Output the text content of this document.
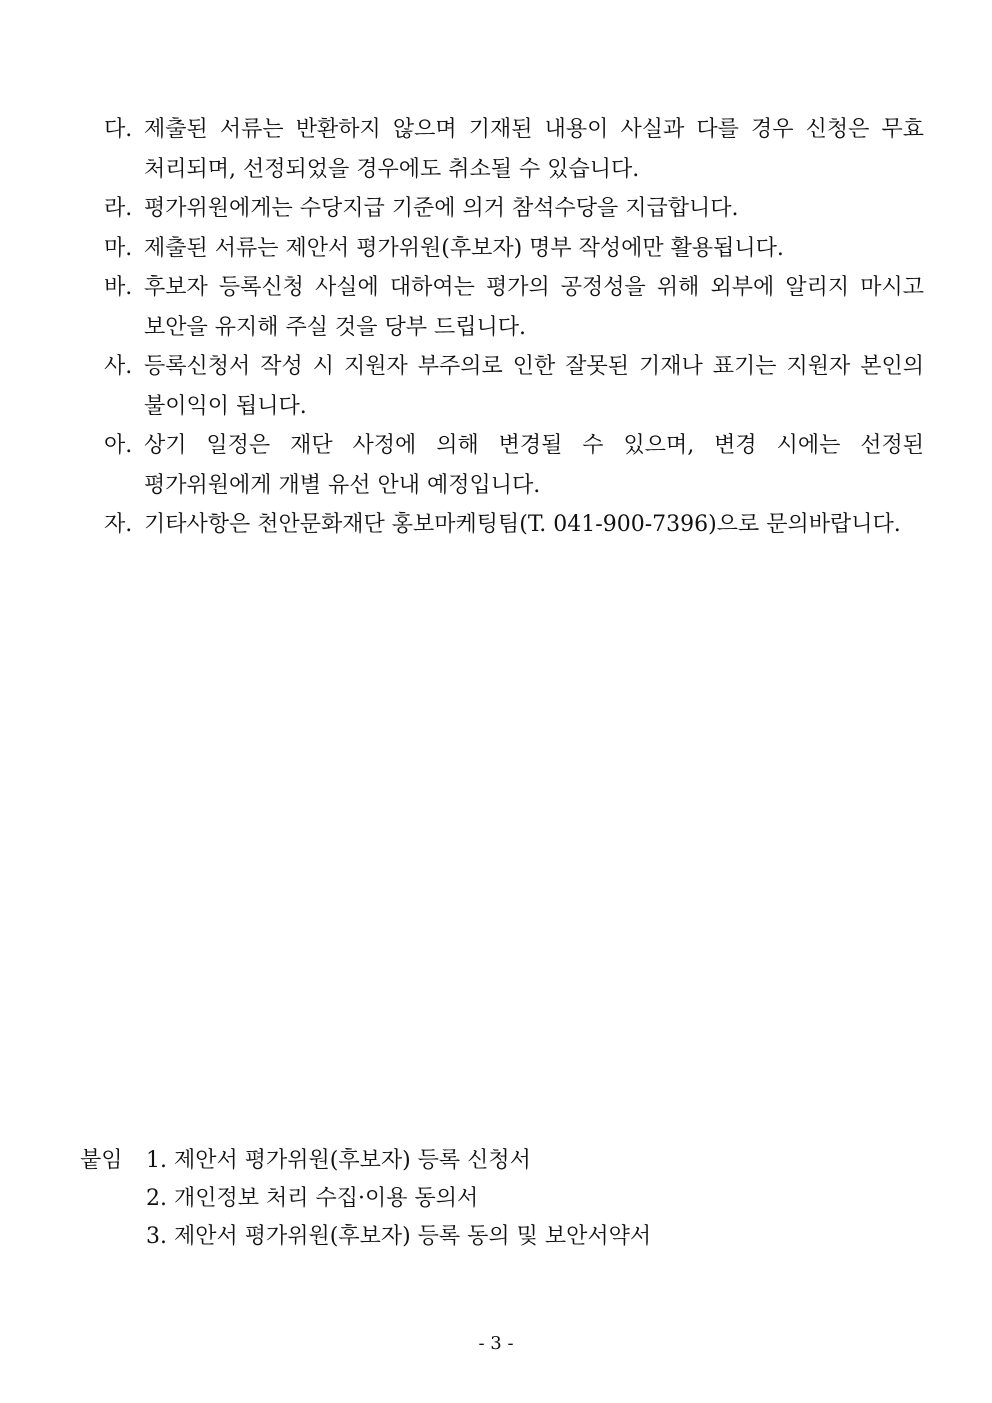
다. 제출된 서류는 반환하지 않으며 기재된 내용이 사실과 다를 경우 신청은 무효 처리되며, 선정되었을 경우에도 취소될 수 있습니다.
라. 평가위원에게는 수당지급 기준에 의거 참석수당을 지급합니다.
마. 제출된 서류는 제안서 평가위원(후보자) 명부 작성에만 활용됩니다.
바. 후보자 등록신청 사실에 대하여는 평가의 공정성을 위해 외부에 알리지 마시고 보안을 유지해 주실 것을 당부 드립니다.
사. 등록신청서 작성 시 지원자 부주의로 인한 잘못된 기재나 표기는 지원자 본인의 불이익이 됩니다.
아. 상기 일정은 재단 사정에 의해 변경될 수 있으며, 변경 시에는 선정된 평가위원에게 개별 유선 안내 예정입니다.
자. 기타사항은 천안문화재단 홍보마케팅팀(T. 041-900-7396)으로 문의바랍니다.
붙임	1. 제안서 평가위원(후보자) 등록 신청서
2. 개인정보 처리 수집·이용 동의서
3. 제안서 평가위원(후보자) 등록 동의 및 보안서약서
- 3 -
